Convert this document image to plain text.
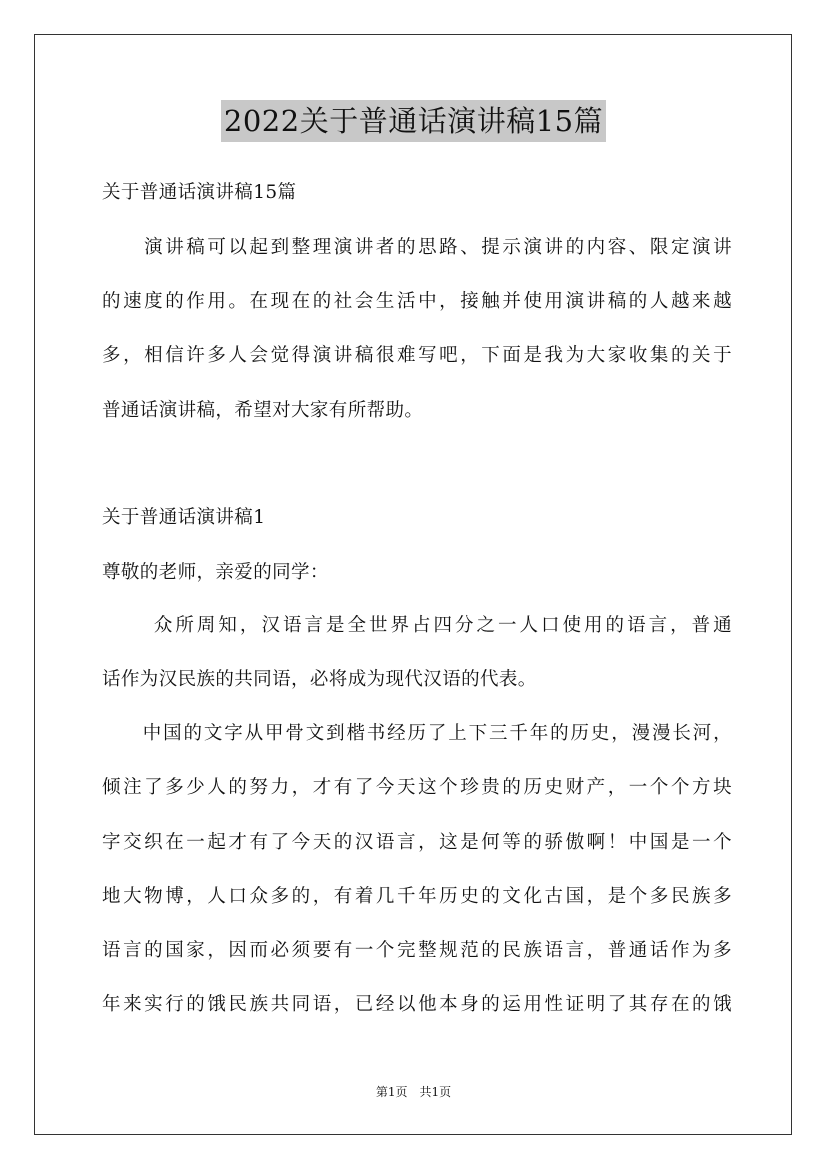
2022关于普通话演讲稿15篇
关于普通话演讲稿15篇
　　演讲稿可以起到整理演讲者的思路、提示演讲的内容、限定演讲
的速度的作用。在现在的社会生活中，接触并使用演讲稿的人越来越
多，相信许多人会觉得演讲稿很难写吧，下面是我为大家收集的关于
普通话演讲稿，希望对大家有所帮助。
关于普通话演讲稿1
尊敬的老师，亲爱的同学：
　　 众所周知，汉语言是全世界占四分之一人口使用的语言，普通
话作为汉民族的共同语，必将成为现代汉语的代表。
　　中国的文字从甲骨文到楷书经历了上下三千年的历史，漫漫长河，
倾注了多少人的努力，才有了今天这个珍贵的历史财产，一个个方块
字交织在一起才有了今天的汉语言，这是何等的骄傲啊！中国是一个
地大物博，人口众多的，有着几千年历史的文化古国，是个多民族多
语言的国家，因而必须要有一个完整规范的民族语言，普通话作为多
年来实行的饿民族共同语，已经以他本身的运用性证明了其存在的饿
第1页　共1页
